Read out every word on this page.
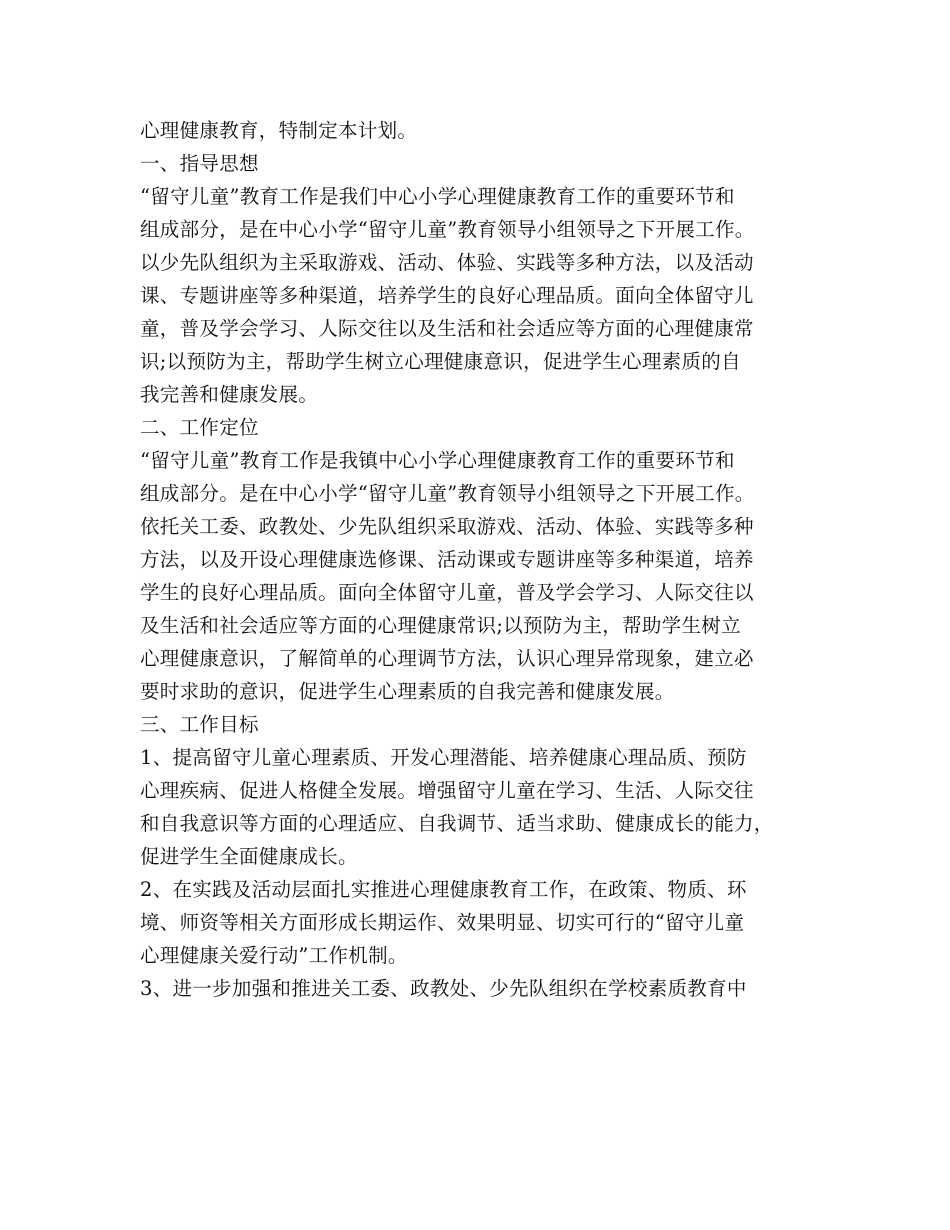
心理健康教育，特制定本计划。
一、指导思想
“留守儿童”教育工作是我们中心小学心理健康教育工作的重要环节和
组成部分，是在中心小学“留守儿童”教育领导小组领导之下开展工作。
以少先队组织为主采取游戏、活动、体验、实践等多种方法，以及活动
课、专题讲座等多种渠道，培养学生的良好心理品质。面向全体留守儿
童，普及学会学习、人际交往以及生活和社会适应等方面的心理健康常
识;以预防为主，帮助学生树立心理健康意识，促进学生心理素质的自
我完善和健康发展。
二、工作定位
“留守儿童”教育工作是我镇中心小学心理健康教育工作的重要环节和
组成部分。是在中心小学“留守儿童”教育领导小组领导之下开展工作。
依托关工委、政教处、少先队组织采取游戏、活动、体验、实践等多种
方法，以及开设心理健康选修课、活动课或专题讲座等多种渠道，培养
学生的良好心理品质。面向全体留守儿童，普及学会学习、人际交往以
及生活和社会适应等方面的心理健康常识;以预防为主，帮助学生树立
心理健康意识，了解简单的心理调节方法，认识心理异常现象，建立必
要时求助的意识，促进学生心理素质的自我完善和健康发展。
三、工作目标
1、提高留守儿童心理素质、开发心理潜能、培养健康心理品质、预防
心理疾病、促进人格健全发展。增强留守儿童在学习、生活、人际交往
和自我意识等方面的心理适应、自我调节、适当求助、健康成长的能力，
促进学生全面健康成长。
2、在实践及活动层面扎实推进心理健康教育工作，在政策、物质、环
境、师资等相关方面形成长期运作、效果明显、切实可行的“留守儿童
心理健康关爱行动”工作机制。
3、进一步加强和推进关工委、政教处、少先队组织在学校素质教育中
